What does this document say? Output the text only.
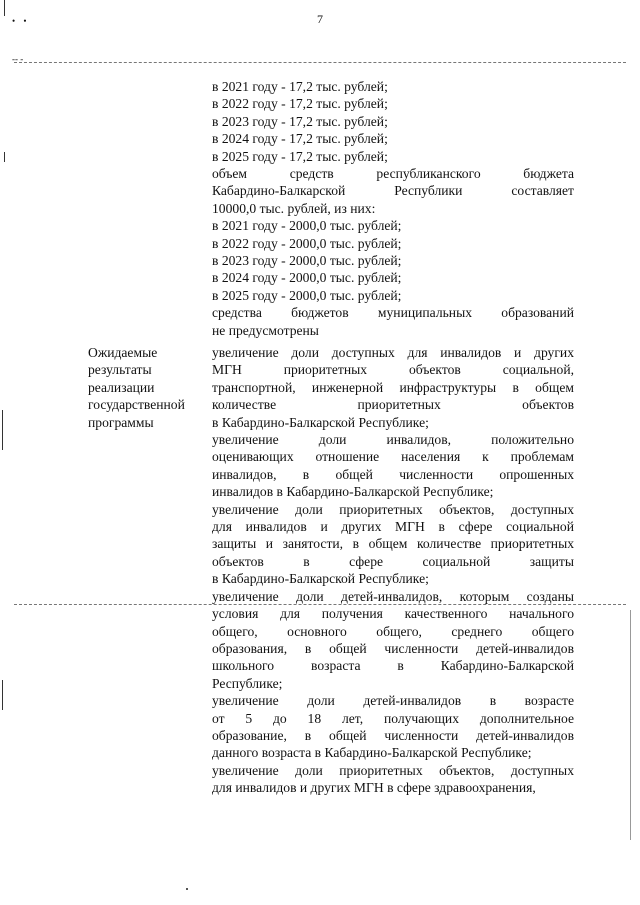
7
• •
-- -
в 2021 году - 17,2 тыс. рублей;
в 2022 году - 17,2 тыс. рублей;
в 2023 году - 17,2 тыс. рублей;
в 2024 году - 17,2 тыс. рублей;
в 2025 году - 17,2 тыс. рублей;
объем средств республиканского бюджета
Кабардино-Балкарской Республики составляет
10000,0 тыс. рублей, из них:
в 2021 году - 2000,0 тыс. рублей;
в 2022 году - 2000,0 тыс. рублей;
в 2023 году - 2000,0 тыс. рублей;
в 2024 году - 2000,0 тыс. рублей;
в 2025 году - 2000,0 тыс. рублей;
средства бюджетов муниципальных образований
не предусмотрены
Ожидаемые
результаты
реализации
государственной
программы
увеличение доли доступных для инвалидов и других
МГН приоритетных объектов социальной,
транспортной, инженерной инфраструктуры в общем
количестве приоритетных объектов
в Кабардино-Балкарской Республике;
увеличение доли инвалидов, положительно
оценивающих отношение населения к проблемам
инвалидов, в общей численности опрошенных
инвалидов в Кабардино-Балкарской Республике;
увеличение доли приоритетных объектов, доступных
для инвалидов и других МГН в сфере социальной
защиты и занятости, в общем количестве приоритетных
объектов в сфере социальной защиты
в Кабардино-Балкарской Республике;
увеличение доли детей-инвалидов, которым созданы
условия для получения качественного начального
общего, основного общего, среднего общего
образования, в общей численности детей-инвалидов
школьного возраста в Кабардино-Балкарской
Республике;
увеличение доли детей-инвалидов в возрасте
от 5 до 18 лет, получающих дополнительное
образование, в общей численности детей-инвалидов
данного возраста в Кабардино-Балкарской Республике;
увеличение доли приоритетных объектов, доступных
для инвалидов и других МГН в сфере здравоохранения,
